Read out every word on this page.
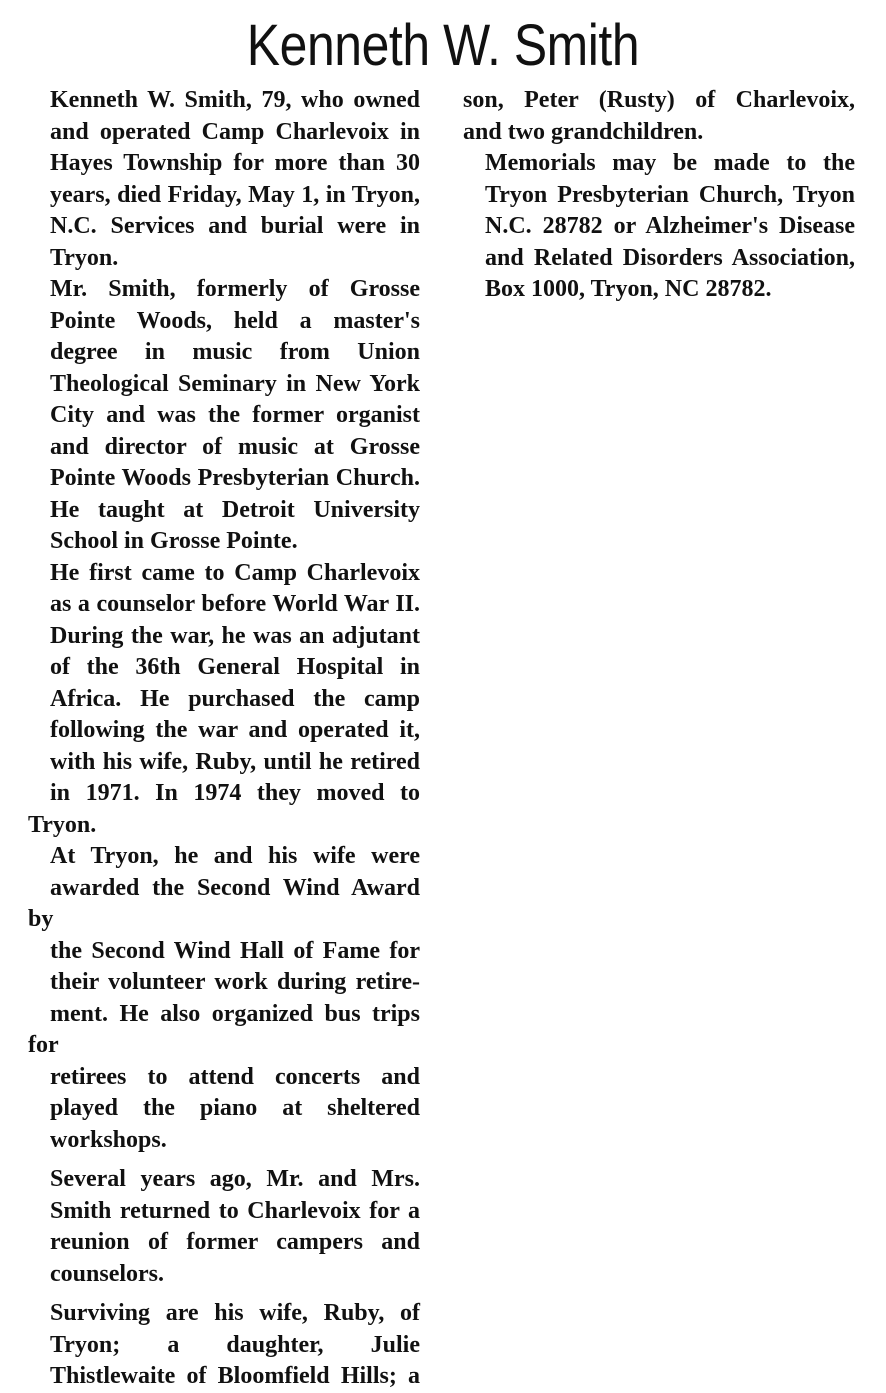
Kenneth W. Smith

Kenneth W. Smith, 79, who owned
and operated Camp Charlevoix in
Hayes Township for more than 30
years, died Friday, May 1, in Tryon,
N.C. Services and burial were in
Tryon.

Mr. Smith, formerly of Grosse
Pointe Woods, held a master's
degree in music from Union
Theological Seminary in New York
City and was the former organist
and director of music at Grosse
Pointe Woods Presbyterian Church.
He taught at Detroit University
School in Grosse Pointe.

He first came to Camp Charlevoix
as a counselor before World War II.
During the war, he was an adjutant
of the 36th General Hospital in
Africa. He purchased the camp
following the war and operated it,
with his wife, Ruby, until he retired
in 1971. In 1974 they moved to Tryon.

At Tryon, he and his wife were
awarded the Second Wind Award by
the Second Wind Hall of Fame for
their volunteer work during retire-
ment. He also organized bus trips for
retirees to attend concerts and
played the piano at sheltered
workshops.

Several years ago, Mr. and Mrs.
Smith returned to Charlevoix for a
reunion of former campers and
counselors.

Surviving are his wife, Ruby, of
Tryon; a daughter, Julie
Thistlewaite of Bloomfield Hills; a

son, Peter (Rusty) of Charlevoix,
and two grandchildren.

Memorials may be made to the
Tryon Presbyterian Church, Tryon
N.C. 28782 or Alzheimer's Disease
and Related Disorders Association,
Box 1000, Tryon, NC 28782.
